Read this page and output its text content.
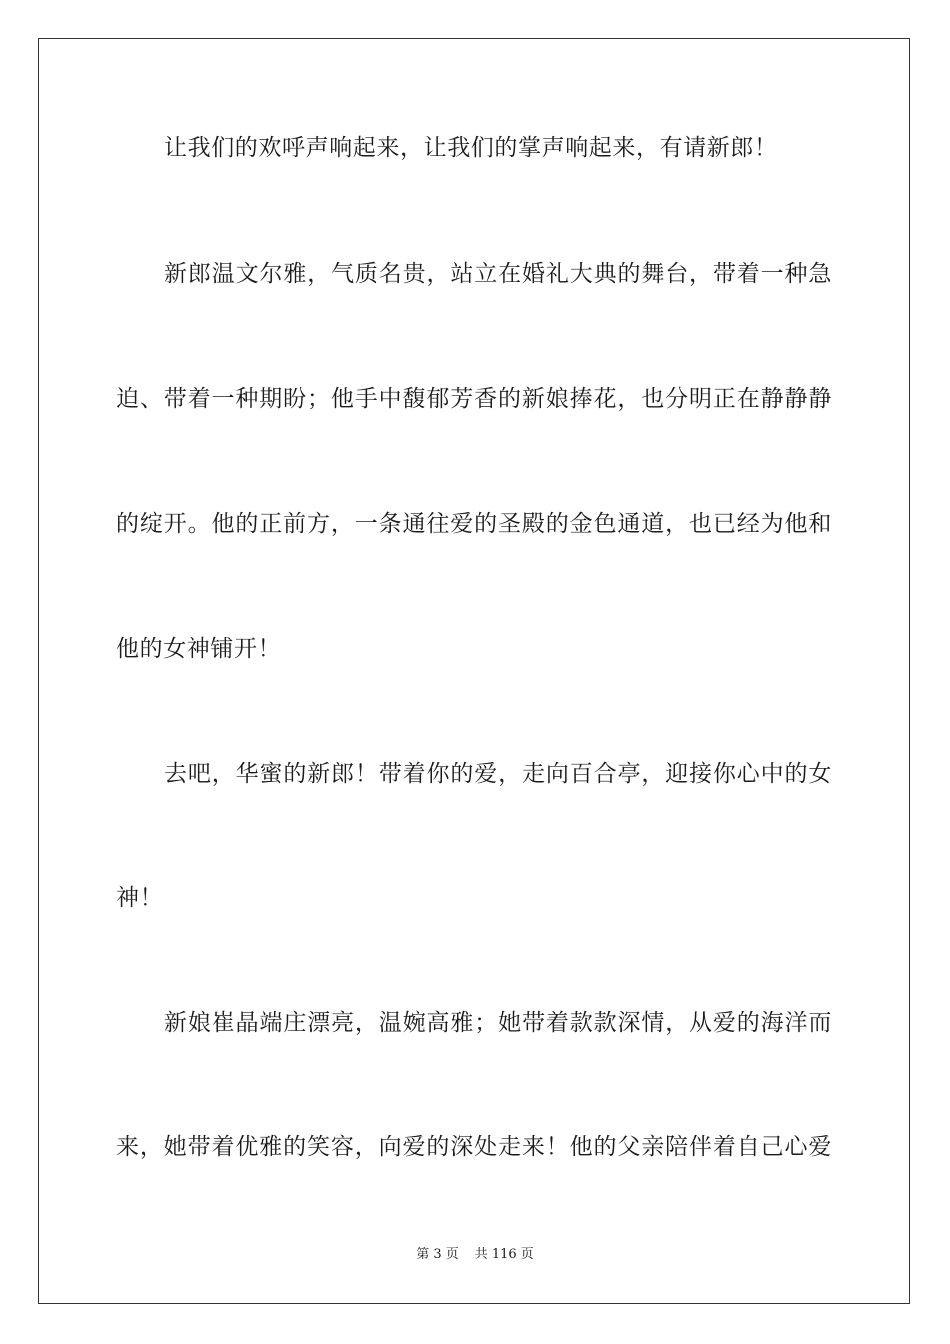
让我们的欢呼声响起来，让我们的掌声响起来，有请新郎！
新郎温文尔雅，气质名贵，站立在婚礼大典的舞台，带着一种急
迫、带着一种期盼；他手中馥郁芳香的新娘捧花，也分明正在静静静
的绽开。他的正前方，一条通往爱的圣殿的金色通道，也已经为他和
他的女神铺开！
去吧，华蜜的新郎！带着你的爱，走向百合亭，迎接你心中的女
神！
新娘崔晶端庄漂亮，温婉高雅；她带着款款深情，从爱的海洋而
来，她带着优雅的笑容，向爱的深处走来！他的父亲陪伴着自己心爱
第 3 页 共 116 页
